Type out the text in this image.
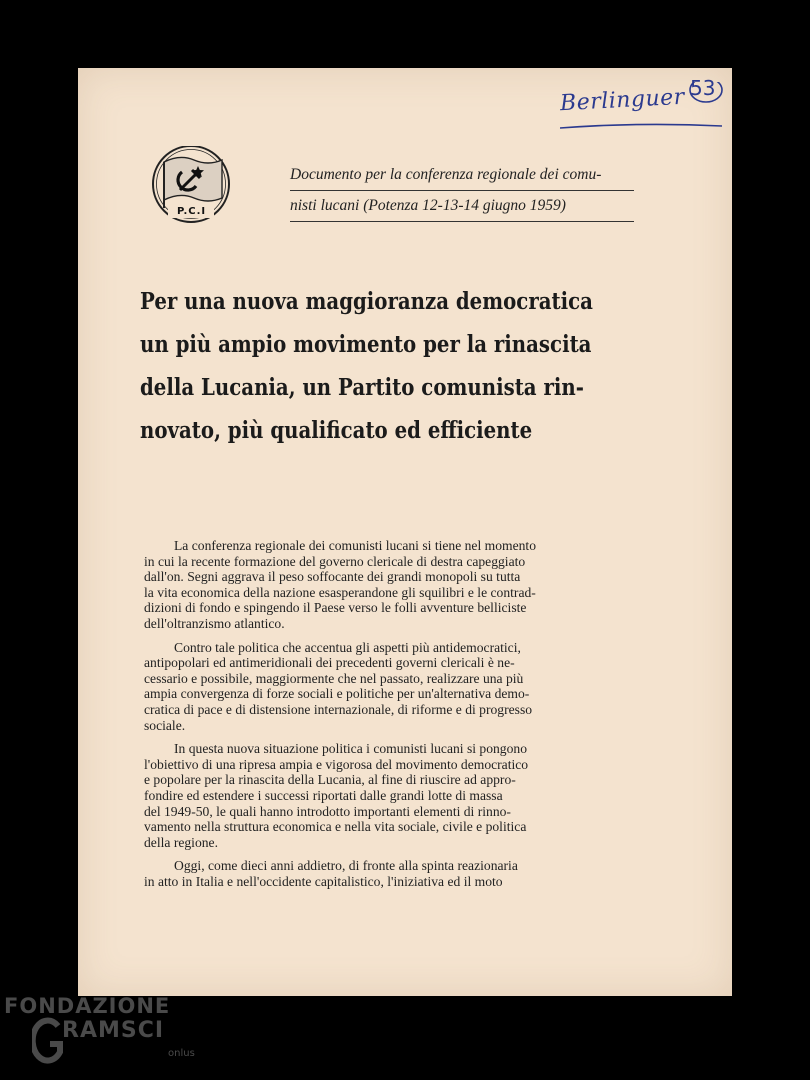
Berlinguer 53
P.C.I
Documento per la conferenza regionale dei comu-
nisti lucani (Potenza 12-13-14 giugno 1959)
Per una nuova maggioranza democratica
un più ampio movimento per la rinascita
della Lucania, un Partito comunista rin-
novato, più qualificato ed efficiente
La conferenza regionale dei comunisti lucani si tiene nel momento
in cui la recente formazione del governo clericale di destra capeggiato
dall'on. Segni aggrava il peso soffocante dei grandi monopoli su tutta
la vita economica della nazione esasperandone gli squilibri e le contrad-
dizioni di fondo e spingendo il Paese verso le folli avventure belliciste
dell'oltranzismo atlantico.
Contro tale politica che accentua gli aspetti più antidemocratici,
antipopolari ed antimeridionali dei precedenti governi clericali è ne-
cessario e possibile, maggiormente che nel passato, realizzare una più
ampia convergenza di forze sociali e politiche per un'alternativa demo-
cratica di pace e di distensione internazionale, di riforme e di progresso
sociale.
In questa nuova situazione politica i comunisti lucani si pongono
l'obiettivo di una ripresa ampia e vigorosa del movimento democratico
e popolare per la rinascita della Lucania, al fine di riuscire ad appro-
fondire ed estendere i successi riportati dalle grandi lotte di massa
del 1949-50, le quali hanno introdotto importanti elementi di rinno-
vamento nella struttura economica e nella vita sociale, civile e politica
della regione.
Oggi, come dieci anni addietro, di fronte alla spinta reazionaria
in atto in Italia e nell'occidente capitalistico, l'iniziativa ed il moto
FONDAZIONE
RAMSCI
onlus
